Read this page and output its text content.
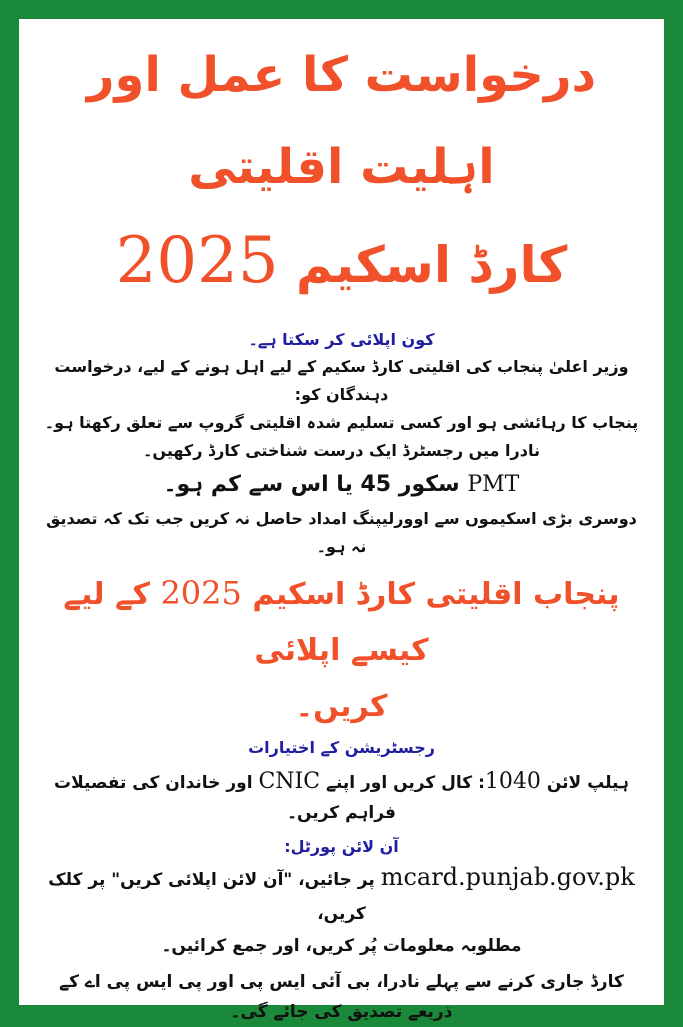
درخواست کا عمل اور اہلیت اقلیتی
کارڈ اسکیم 2025

کون اپلائی کر سکتا ہے۔

وزیر اعلیٰ پنجاب کی اقلیتی کارڈ سکیم کے لیے اہل ہونے کے لیے، درخواست دہندگان کو:

پنجاب کا رہائشی ہو اور کسی تسلیم شدہ اقلیتی گروپ سے تعلق رکھتا ہو۔

نادرا میں رجسٹرڈ ایک درست شناختی کارڈ رکھیں۔

PMT سکور 45 یا اس سے کم ہو۔

دوسری بڑی اسکیموں سے اوورلیپنگ امداد حاصل نہ کریں جب تک کہ تصدیق نہ ہو۔

پنجاب اقلیتی کارڈ اسکیم 2025 کے لیے کیسے اپلائی
کریں۔

رجسٹریشن کے اختیارات

ہیلپ لائن 1040: کال کریں اور اپنے CNIC اور خاندان کی تفصیلات فراہم کریں۔

آن لائن پورٹل:

mcard.punjab.gov.pk پر جائیں، "آن لائن اپلائی کریں" پر کلک کریں،

مطلوبہ معلومات پُر کریں، اور جمع کرائیں۔

کارڈ جاری کرنے سے پہلے نادرا، بی آئی ایس پی اور پی ایس پی اے کے ذریعے تصدیق کی جائے گی۔
